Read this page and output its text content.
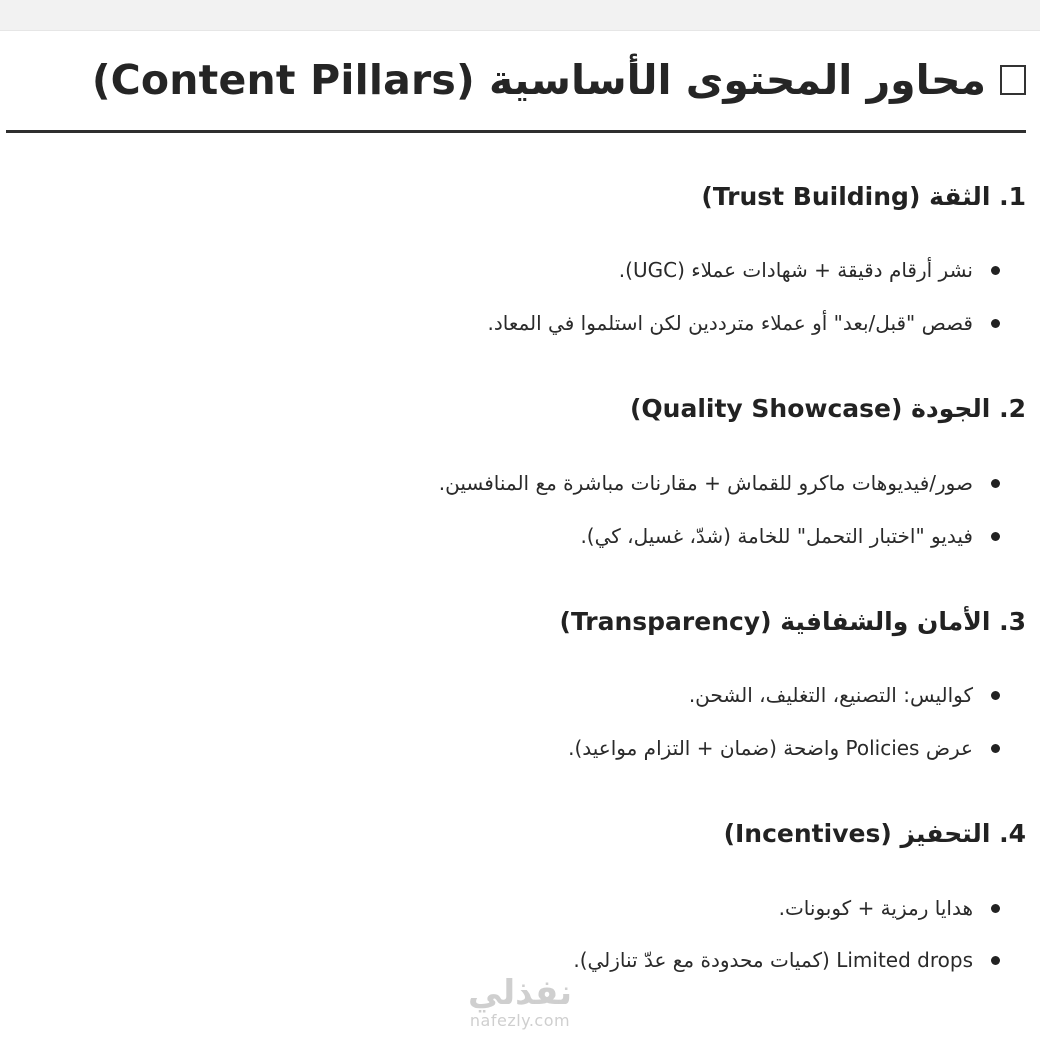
محاور المحتوى الأساسية (Content Pillars)
1. الثقة (Trust Building)
نشر أرقام دقيقة + شهادات عملاء (UGC).
قصص "قبل/بعد" أو عملاء مترددين لكن استلموا في المعاد.
2. الجودة (Quality Showcase)
صور/فيديوهات ماكرو للقماش + مقارنات مباشرة مع المنافسين.
فيديو "اختبار التحمل" للخامة (شدّ، غسيل، كي).
3. الأمان والشفافية (Transparency)
كواليس: التصنيع، التغليف، الشحن.
عرض Policies واضحة (ضمان + التزام مواعيد).
4. التحفيز (Incentives)
هدايا رمزية + كوبونات.
Limited drops (كميات محدودة مع عدّ تنازلي).
نفذلي
nafezly.com
